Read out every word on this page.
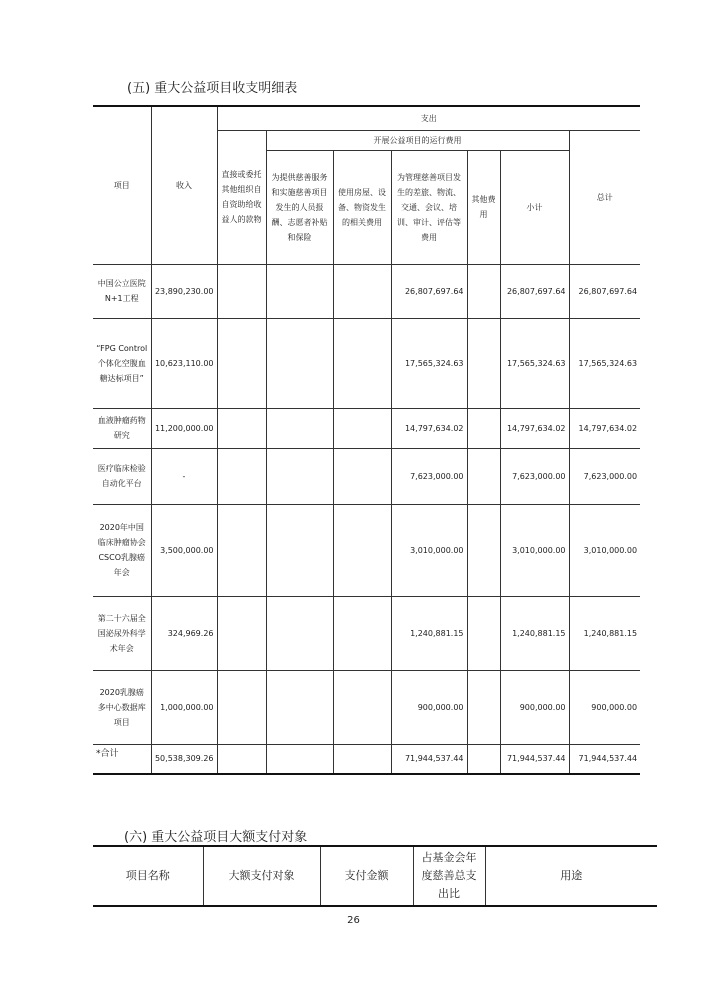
(五) 重大公益项目收支明细表
项目	收入	支出						
		直接或委托其他组织自自资助给收益人的款物	开展公益项目的运行费用					总计
			为提供慈善服务和实施慈善项目发生的人员报酬、志愿者补贴和保险	使用房屋、设备、物资发生的相关费用	为管理慈善项目发生的差旅、物流、交通、会议、培训、审计、评估等费用	其他费用	小计	
中国公立医院N+1工程	23,890,230.00				26,807,697.64		26,807,697.64	26,807,697.64
“FPG Control个体化空腹血糖达标项目”	10,623,110.00				17,565,324.63		17,565,324.63	17,565,324.63
血液肿瘤药物研究	11,200,000.00				14,797,634.02		14,797,634.02	14,797,634.02
医疗临床检验自动化平台	-				7,623,000.00		7,623,000.00	7,623,000.00
2020年中国临床肿瘤协会CSCO乳腺癌年会	3,500,000.00				3,010,000.00		3,010,000.00	3,010,000.00
第二十六届全国泌尿外科学术年会	324,969.26				1,240,881.15		1,240,881.15	1,240,881.15
2020乳腺癌多中心数据库项目	1,000,000.00				900,000.00		900,000.00	900,000.00
*合计	50,538,309.26				71,944,537.44		71,944,537.44	71,944,537.44
(六) 重大公益项目大额支付对象
项目名称	大额支付对象	支付金额	占基金会年度慈善总支出比	用途
26
